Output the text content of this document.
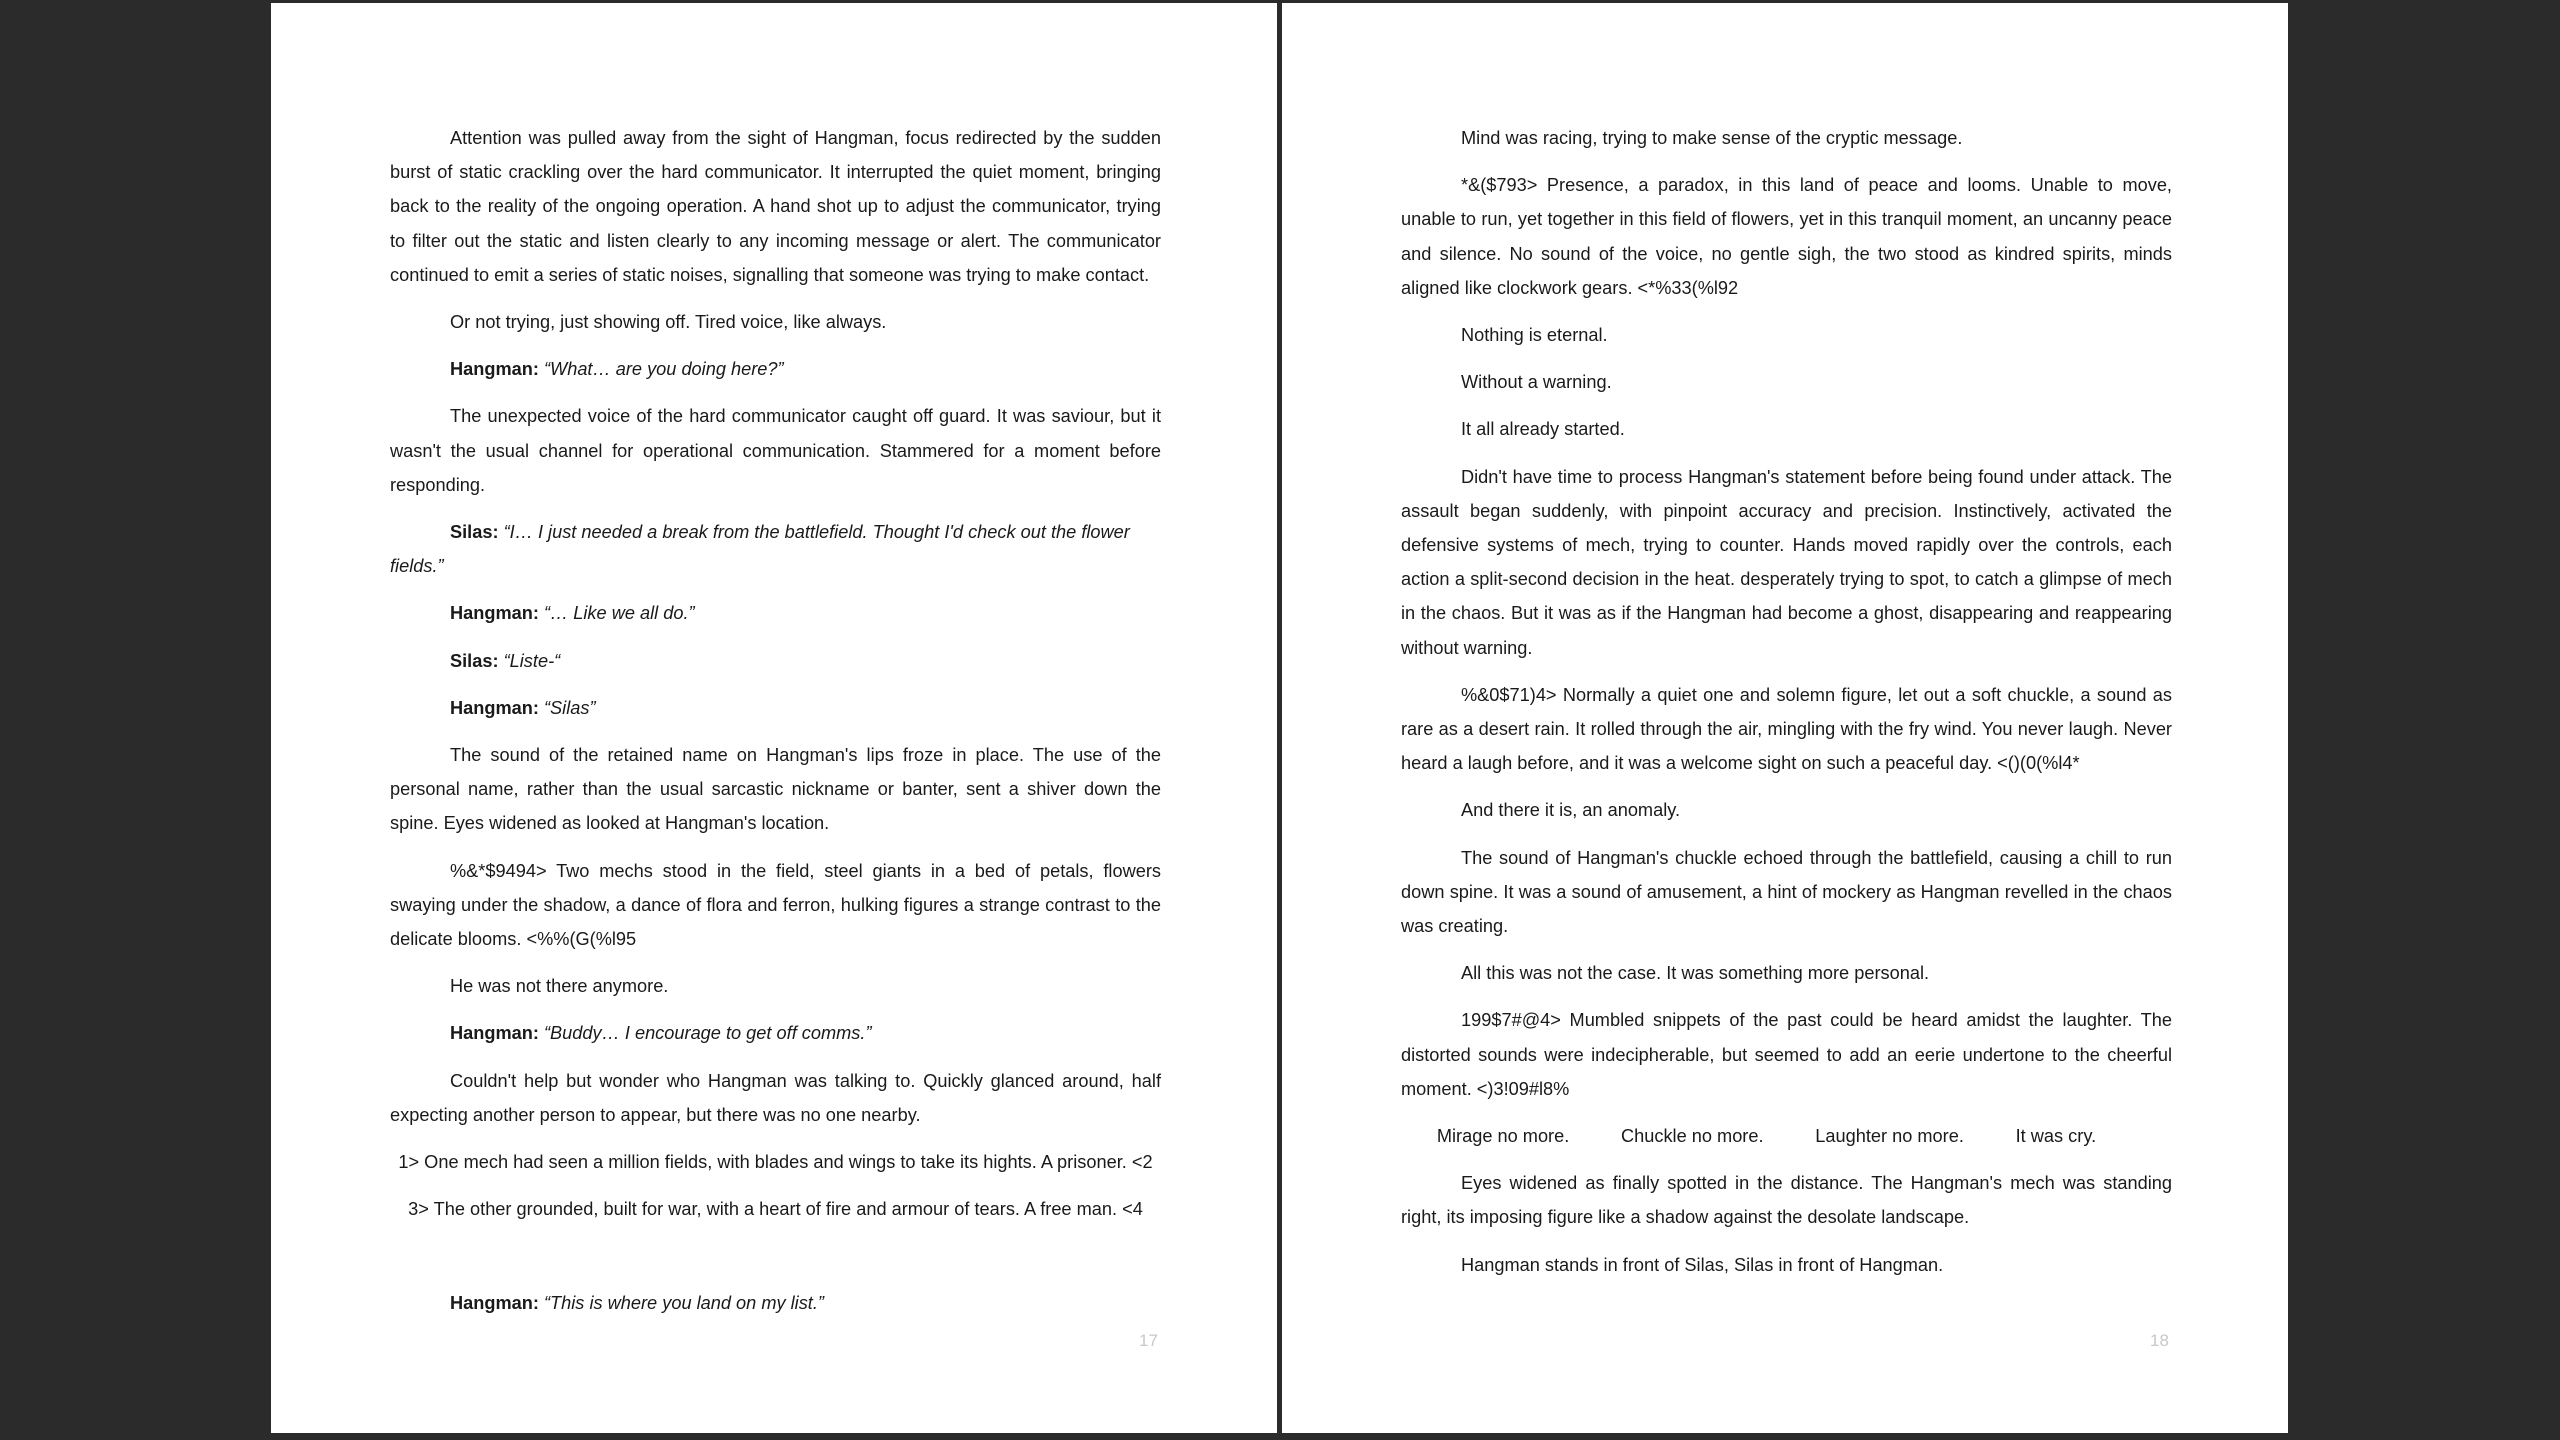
Attention was pulled away from the sight of Hangman, focus redirected by the sudden burst of static crackling over the hard communicator. It interrupted the quiet moment, bringing back to the reality of the ongoing operation. A hand shot up to adjust the communicator, trying to filter out the static and listen clearly to any incoming message or alert. The communicator continued to emit a series of static noises, signalling that someone was trying to make contact.

Or not trying, just showing off. Tired voice, like always.

Hangman: “What… are you doing here?”

The unexpected voice of the hard communicator caught off guard. It was saviour, but it wasn't the usual channel for operational communication. Stammered for a moment before responding.

Silas: “I… I just needed a break from the battlefield. Thought I'd check out the flower fields.”

Hangman: “… Like we all do.”

Silas: “Liste-“

Hangman: “Silas”

The sound of the retained name on Hangman's lips froze in place. The use of the personal name, rather than the usual sarcastic nickname or banter, sent a shiver down the spine. Eyes widened as looked at Hangman's location.

%&*$9494> Two mechs stood in the field, steel giants in a bed of petals, flowers swaying under the shadow, a dance of flora and ferron, hulking figures a strange contrast to the delicate blooms. <%%(G(%l95

He was not there anymore.

Hangman: “Buddy… I encourage to get off comms.”

Couldn't help but wonder who Hangman was talking to. Quickly glanced around, half expecting another person to appear, but there was no one nearby.

1> One mech had seen a million fields, with blades and wings to take its hights. A prisoner. <2

3> The other grounded, built for war, with a heart of fire and armour of tears. A free man. <4

Hangman: “This is where you land on my list.”

17

Mind was racing, trying to make sense of the cryptic message.

*&($793> Presence, a paradox, in this land of peace and looms. Unable to move, unable to run, yet together in this field of flowers, yet in this tranquil moment, an uncanny peace and silence. No sound of the voice, no gentle sigh, the two stood as kindred spirits, minds aligned like clockwork gears. <*%33(%l92

Nothing is eternal.

Without a warning.

It all already started.

Didn't have time to process Hangman's statement before being found under attack. The assault began suddenly, with pinpoint accuracy and precision. Instinctively, activated the defensive systems of mech, trying to counter. Hands moved rapidly over the controls, each action a split-second decision in the heat. desperately trying to spot, to catch a glimpse of mech in the chaos. But it was as if the Hangman had become a ghost, disappearing and reappearing without warning.

%&0$71)4> Normally a quiet one and solemn figure, let out a soft chuckle, a sound as rare as a desert rain. It rolled through the air, mingling with the fry wind. You never laugh. Never heard a laugh before, and it was a welcome sight on such a peaceful day. <()(0(%l4*

And there it is, an anomaly.

The sound of Hangman's chuckle echoed through the battlefield, causing a chill to run down spine. It was a sound of amusement, a hint of mockery as Hangman revelled in the chaos was creating.

All this was not the case. It was something more personal.

199$7#@4> Mumbled snippets of the past could be heard amidst the laughter. The distorted sounds were indecipherable, but seemed to add an eerie undertone to the cheerful moment. <)3!09#l8%

Mirage no more.	Chuckle no more.	Laughter no more.	It was cry.

Eyes widened as finally spotted in the distance. The Hangman's mech was standing right, its imposing figure like a shadow against the desolate landscape.

Hangman stands in front of Silas, Silas in front of Hangman.

18
